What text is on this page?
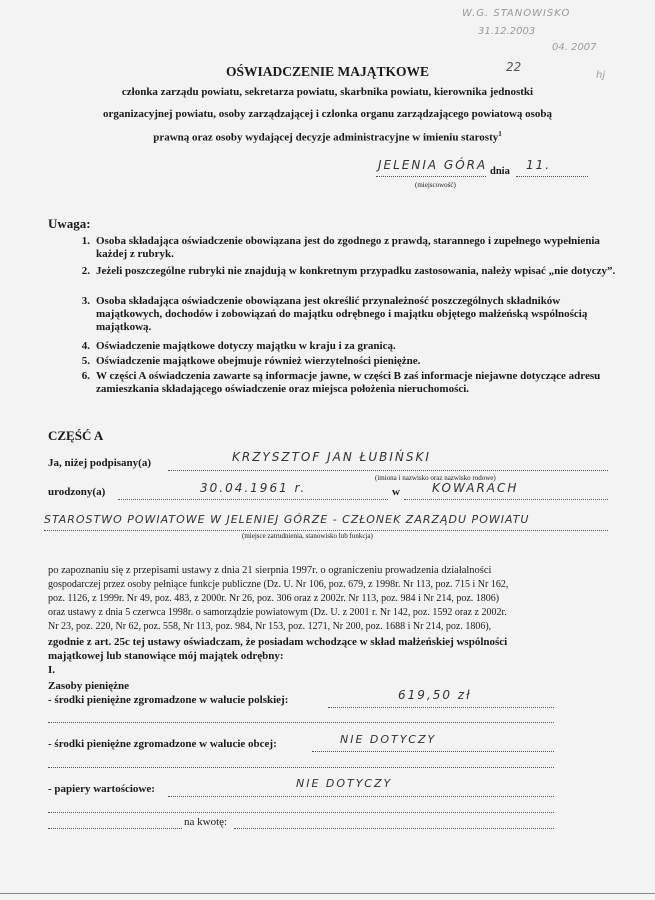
W.G. STANOWISKO
31.12.2003
04. 2007
22
hj
OŚWIADCZENIE MAJĄTKOWE
członka zarządu powiatu, sekretarza powiatu, skarbnika powiatu, kierownika jednostki
organizacyjnej powiatu, osoby zarządzającej i członka organu zarządzającego powiatową osobą
prawną oraz osoby wydającej decyzje administracyjne w imieniu starosty$^1$
JELENIA GÓRA dnia 11.
(miejscowość)
Uwaga:
1. Osoba składająca oświadczenie obowiązana jest do zgodnego z prawdą, starannego i zupełnego wypełnienia każdej z rubryk.
2. Jeżeli poszczególne rubryki nie znajdują w konkretnym przypadku zastosowania, należy wpisać „nie dotyczy”.
3. Osoba składająca oświadczenie obowiązana jest określić przynależność poszczególnych składników majątkowych, dochodów i zobowiązań do majątku odrębnego i majątku objętego małżeńską wspólnością majątkową.
4. Oświadczenie majątkowe dotyczy majątku w kraju i za granicą.
5. Oświadczenie majątkowe obejmuje również wierzytelności pieniężne.
6. W części A oświadczenia zawarte są informacje jawne, w części B zaś informacje niejawne dotyczące adresu zamieszkania składającego oświadczenie oraz miejsca położenia nieruchomości.
CZĘŚĆ A
Ja, niżej podpisany(a)	KRZYSZTOF JAN ŁUBIŃSKI
(imiona i nazwisko oraz nazwisko rodowe)
urodzony(a)	30.04.1961 r.	w	KOWARACH
STAROSTWO POWIATOWE W JELENIEJ GÓRZE - CZŁONEK ZARZĄDU POWIATU
(miejsce zatrudnienia, stanowisko lub funkcja)
po zapoznaniu się z przepisami ustawy z dnia 21 sierpnia 1997r. o ograniczeniu prowadzenia działalności
gospodarczej przez osoby pełniące funkcje publiczne (Dz. U. Nr 106, poz. 679, z 1998r. Nr 113, poz. 715 i Nr 162,
poz. 1126, z 1999r. Nr 49, poz. 483, z 2000r. Nr 26, poz. 306 oraz z 2002r. Nr 113, poz. 984 i Nr 214, poz. 1806)
oraz ustawy z dnia 5 czerwca 1998r. o samorządzie powiatowym (Dz. U. z 2001 r. Nr 142, poz. 1592 oraz z 2002r.
Nr 23, poz. 220, Nr 62, poz. 558, Nr 113, poz. 984, Nr 153, poz. 1271, Nr 200, poz. 1688 i Nr 214, poz. 1806),
zgodnie z art. 25c tej ustawy oświadczam, że posiadam wchodzące w skład małżeńskiej wspólności
majątkowej lub stanowiące mój majątek odrębny:
I.
Zasoby pieniężne
- środki pieniężne zgromadzone w walucie polskiej:	619,50 zł
- środki pieniężne zgromadzone w walucie obcej:	NIE DOTYCZY
- papiery wartościowe:	NIE DOTYCZY
na kwotę:
